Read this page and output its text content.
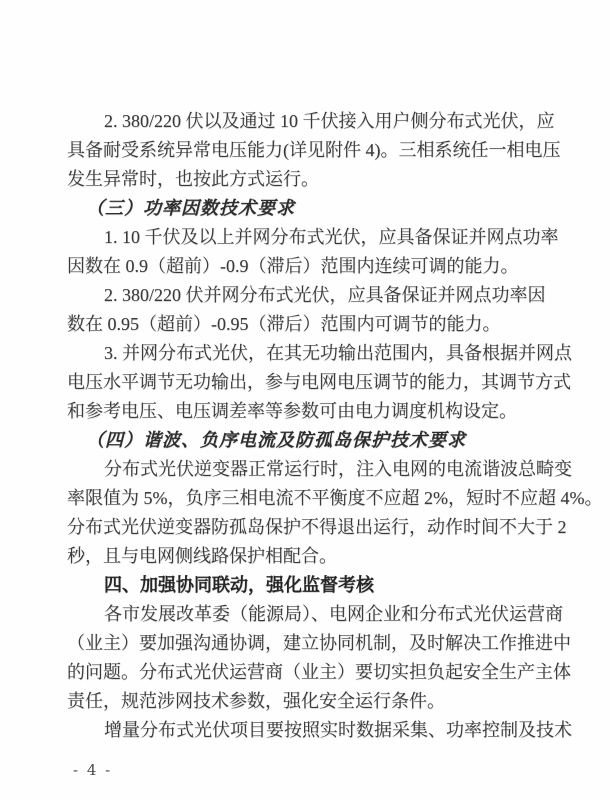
2. 380/220 伏以及通过 10 千伏接入用户侧分布式光伏，应
具备耐受系统异常电压能力(详见附件 4)。三相系统任一相电压
发生异常时，也按此方式运行。
（三）功率因数技术要求
1. 10 千伏及以上并网分布式光伏，应具备保证并网点功率
因数在 0.9（超前）-0.9（滞后）范围内连续可调的能力。
2. 380/220 伏并网分布式光伏，应具备保证并网点功率因
数在 0.95（超前）-0.95（滞后）范围内可调节的能力。
3. 并网分布式光伏，在其无功输出范围内，具备根据并网点
电压水平调节无功输出，参与电网电压调节的能力，其调节方式
和参考电压、电压调差率等参数可由电力调度机构设定。
（四）谐波、负序电流及防孤岛保护技术要求
分布式光伏逆变器正常运行时，注入电网的电流谐波总畸变
率限值为 5%，负序三相电流不平衡度不应超 2%，短时不应超 4%。
分布式光伏逆变器防孤岛保护不得退出运行，动作时间不大于 2
秒，且与电网侧线路保护相配合。
四、加强协同联动，强化监督考核
各市发展改革委（能源局）、电网企业和分布式光伏运营商
（业主）要加强沟通协调，建立协同机制，及时解决工作推进中
的问题。分布式光伏运营商（业主）要切实担负起安全生产主体
责任，规范涉网技术参数，强化安全运行条件。
增量分布式光伏项目要按照实时数据采集、功率控制及技术
- 4 -
